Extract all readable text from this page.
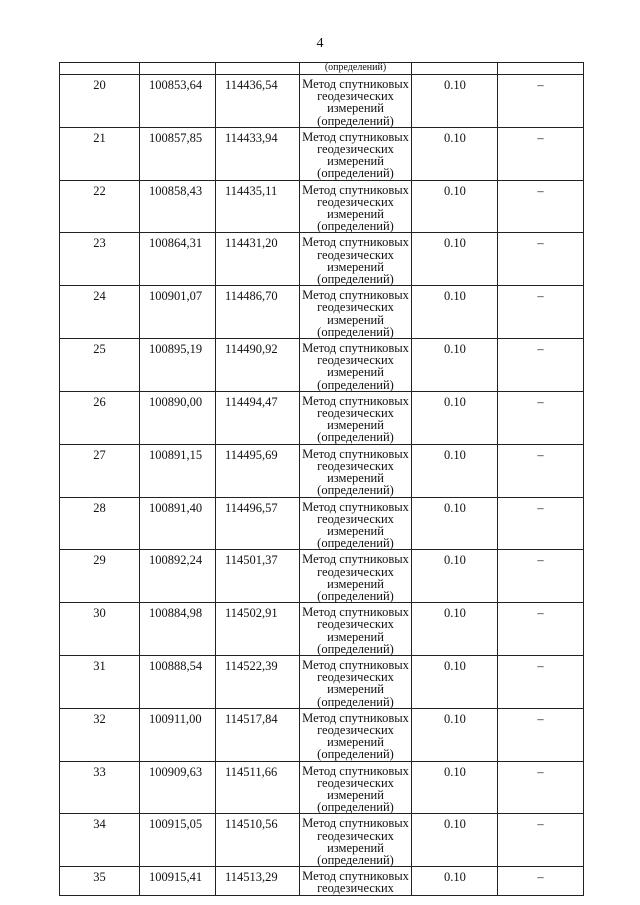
4

			(определений)		

20	100853,64	114436,54	Метод спутниковых
геодезических
измерений
(определений)	0.10	–

21	100857,85	114433,94	Метод спутниковых
геодезических
измерений
(определений)	0.10	–

22	100858,43	114435,11	Метод спутниковых
геодезических
измерений
(определений)	0.10	–

23	100864,31	114431,20	Метод спутниковых
геодезических
измерений
(определений)	0.10	–

24	100901,07	114486,70	Метод спутниковых
геодезических
измерений
(определений)	0.10	–

25	100895,19	114490,92	Метод спутниковых
геодезических
измерений
(определений)	0.10	–

26	100890,00	114494,47	Метод спутниковых
геодезических
измерений
(определений)	0.10	–

27	100891,15	114495,69	Метод спутниковых
геодезических
измерений
(определений)	0.10	–

28	100891,40	114496,57	Метод спутниковых
геодезических
измерений
(определений)	0.10	–

29	100892,24	114501,37	Метод спутниковых
геодезических
измерений
(определений)	0.10	–

30	100884,98	114502,91	Метод спутниковых
геодезических
измерений
(определений)	0.10	–

31	100888,54	114522,39	Метод спутниковых
геодезических
измерений
(определений)	0.10	–

32	100911,00	114517,84	Метод спутниковых
геодезических
измерений
(определений)	0.10	–

33	100909,63	114511,66	Метод спутниковых
геодезических
измерений
(определений)	0.10	–

34	100915,05	114510,56	Метод спутниковых
геодезических
измерений
(определений)	0.10	–

35	100915,41	114513,29	Метод спутниковых
геодезических	0.10	–
